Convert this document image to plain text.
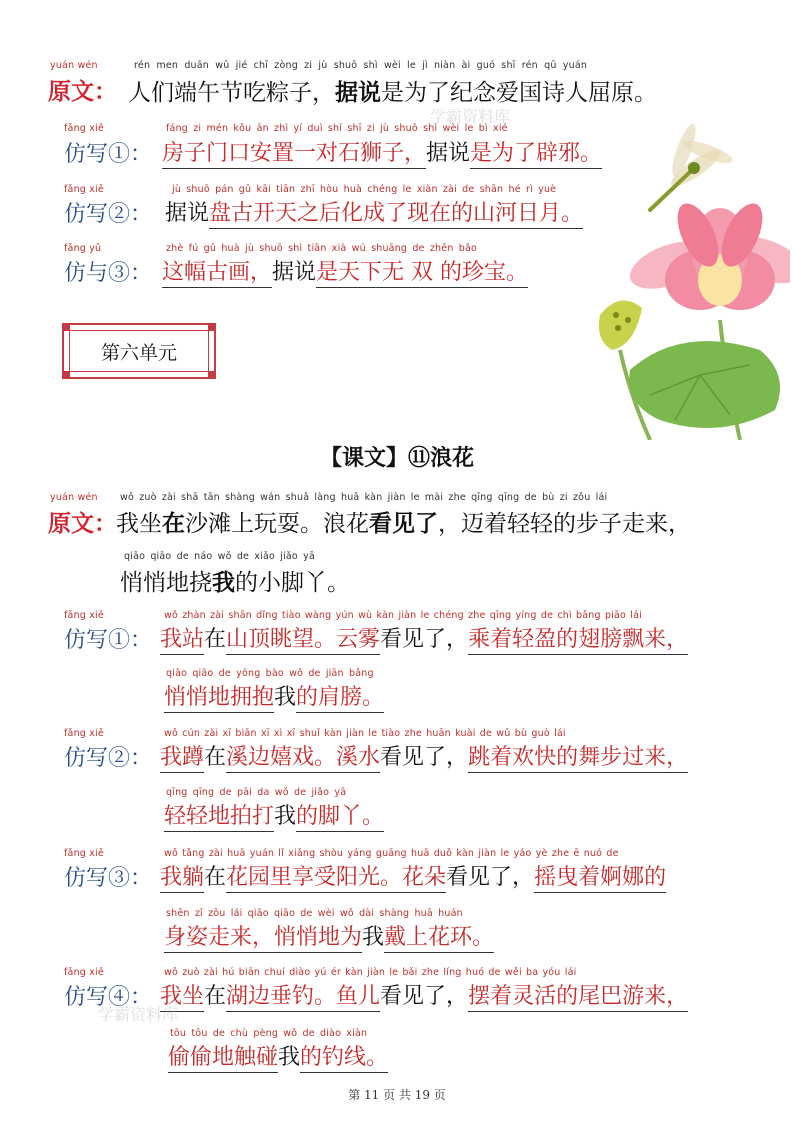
yuán wén	rén men duān wǔ jié chī zòng zi jù shuō shì wèi le jì niàn ài guó shī rén qū yuán
原文： 人们端午节吃粽子，据说是为了纪念爱国诗人屈原。
fǎng xiě	fáng zi mén kǒu ān zhì yí duì shí shī zi jù shuō shì wèi le bì xié
仿写①： 房子门口安置一对石狮子，据说是为了辟邪。
fǎng xiě	jù shuō pán gǔ kāi tiān zhī hòu huà chéng le xiàn zài de shān hé rì yuè
仿写②： 据说盘古开天之后化成了现在的山河日月。
fǎng yǔ	zhè fú gǔ huà jù shuō shì tiān xià wú shuāng de zhēn bǎo
仿与③： 这幅古画，据说是天下无 双 的珍宝。
第六单元
【课文】⑪浪花
yuán wén wǒ zuò zài shā tān shàng wán shuǎ làng huā kàn jiàn le mài zhe qīng qīng de bù zi zǒu lái
原文： 我坐在沙滩上玩耍。浪花看见了，迈着轻轻的步子走来，
qiāo qiāo de náo wǒ de xiǎo jiǎo yā
悄悄地挠我的小脚丫。
fǎng xiě	wǒ zhàn zài shān dǐng tiào wàng yún wù kàn jiàn le chéng zhe qīng yíng de chì bǎng piāo lái
仿写①： 我站在山顶眺望。云雾看见了，乘着轻盈的翅膀飘来，
qiāo qiāo de yōng bào wǒ de jiān bǎng
悄悄地拥抱我的肩膀。
fǎng xiě	wǒ cún zài xī biān xī xì xī shuǐ kàn jiàn le tiào zhe huān kuài de wǔ bù guò lái
仿写②： 我蹲在溪边嬉戏。溪水看见了，跳着欢快的舞步过来，
qīng qīng de pāi da wǒ de jiǎo yā
轻轻地拍打我的脚丫。
fǎng xiě	wǒ tǎng zài huā yuán lǐ xiǎng shòu yáng guāng huā duǒ kàn jiàn le yáo yè zhe ē nuó de
仿写③： 我躺在花园里享受阳光。花朵看见了，摇曳着婀娜的
shēn zī zǒu lái qiāo qiāo de wèi wǒ dài shàng huā huán
身姿走来，悄悄地为我戴上花环。
fǎng xiě	wǒ zuò zài hú biān chuí diào yú ér kàn jiàn le bǎi zhe líng huó de wěi ba yóu lái
仿写④： 我坐在湖边垂钓。鱼儿看见了，摆着灵活的尾巴游来，
tōu tōu de chù pèng wǒ de diào xiàn
偷偷地触碰我的钓线。
学霸资料库
学霸资料库
第 11 页 共 19 页
